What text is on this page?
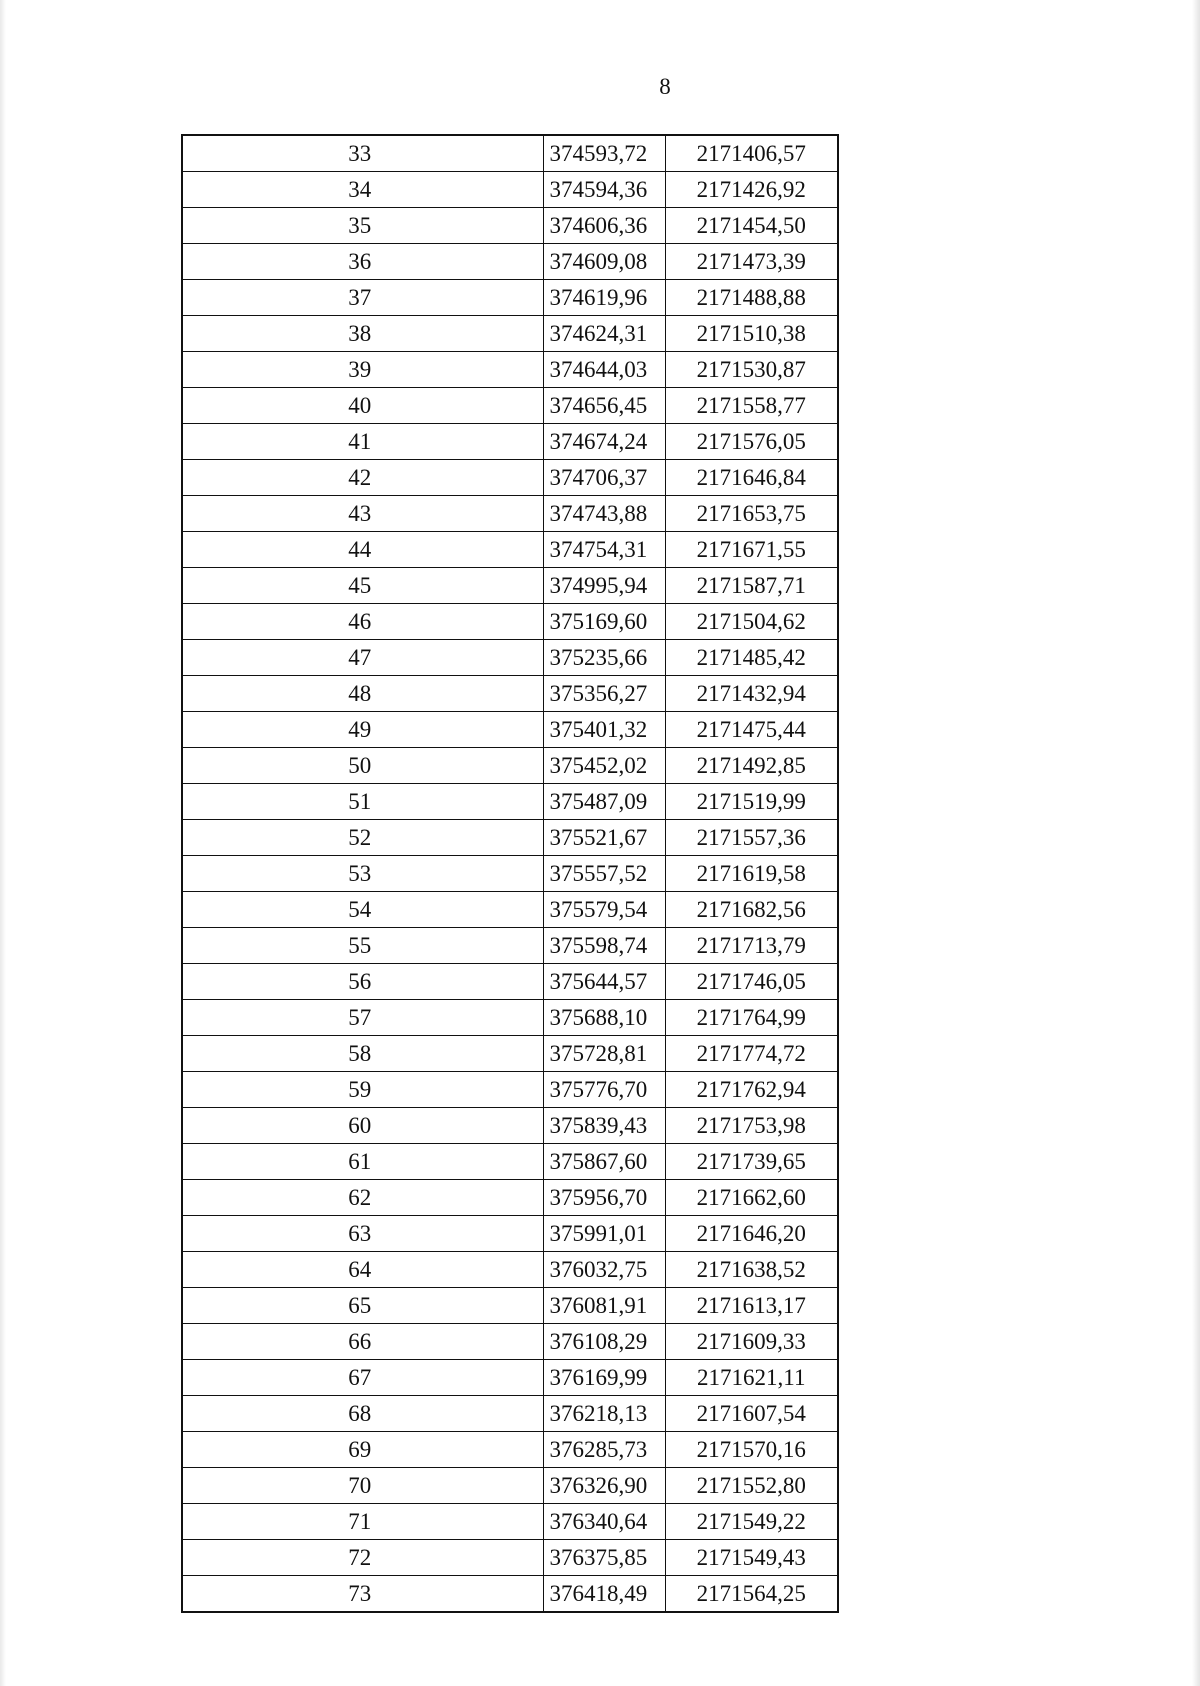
8
33	374593,72	2171406,57
34	374594,36	2171426,92
35	374606,36	2171454,50
36	374609,08	2171473,39
37	374619,96	2171488,88
38	374624,31	2171510,38
39	374644,03	2171530,87
40	374656,45	2171558,77
41	374674,24	2171576,05
42	374706,37	2171646,84
43	374743,88	2171653,75
44	374754,31	2171671,55
45	374995,94	2171587,71
46	375169,60	2171504,62
47	375235,66	2171485,42
48	375356,27	2171432,94
49	375401,32	2171475,44
50	375452,02	2171492,85
51	375487,09	2171519,99
52	375521,67	2171557,36
53	375557,52	2171619,58
54	375579,54	2171682,56
55	375598,74	2171713,79
56	375644,57	2171746,05
57	375688,10	2171764,99
58	375728,81	2171774,72
59	375776,70	2171762,94
60	375839,43	2171753,98
61	375867,60	2171739,65
62	375956,70	2171662,60
63	375991,01	2171646,20
64	376032,75	2171638,52
65	376081,91	2171613,17
66	376108,29	2171609,33
67	376169,99	2171621,11
68	376218,13	2171607,54
69	376285,73	2171570,16
70	376326,90	2171552,80
71	376340,64	2171549,22
72	376375,85	2171549,43
73	376418,49	2171564,25
